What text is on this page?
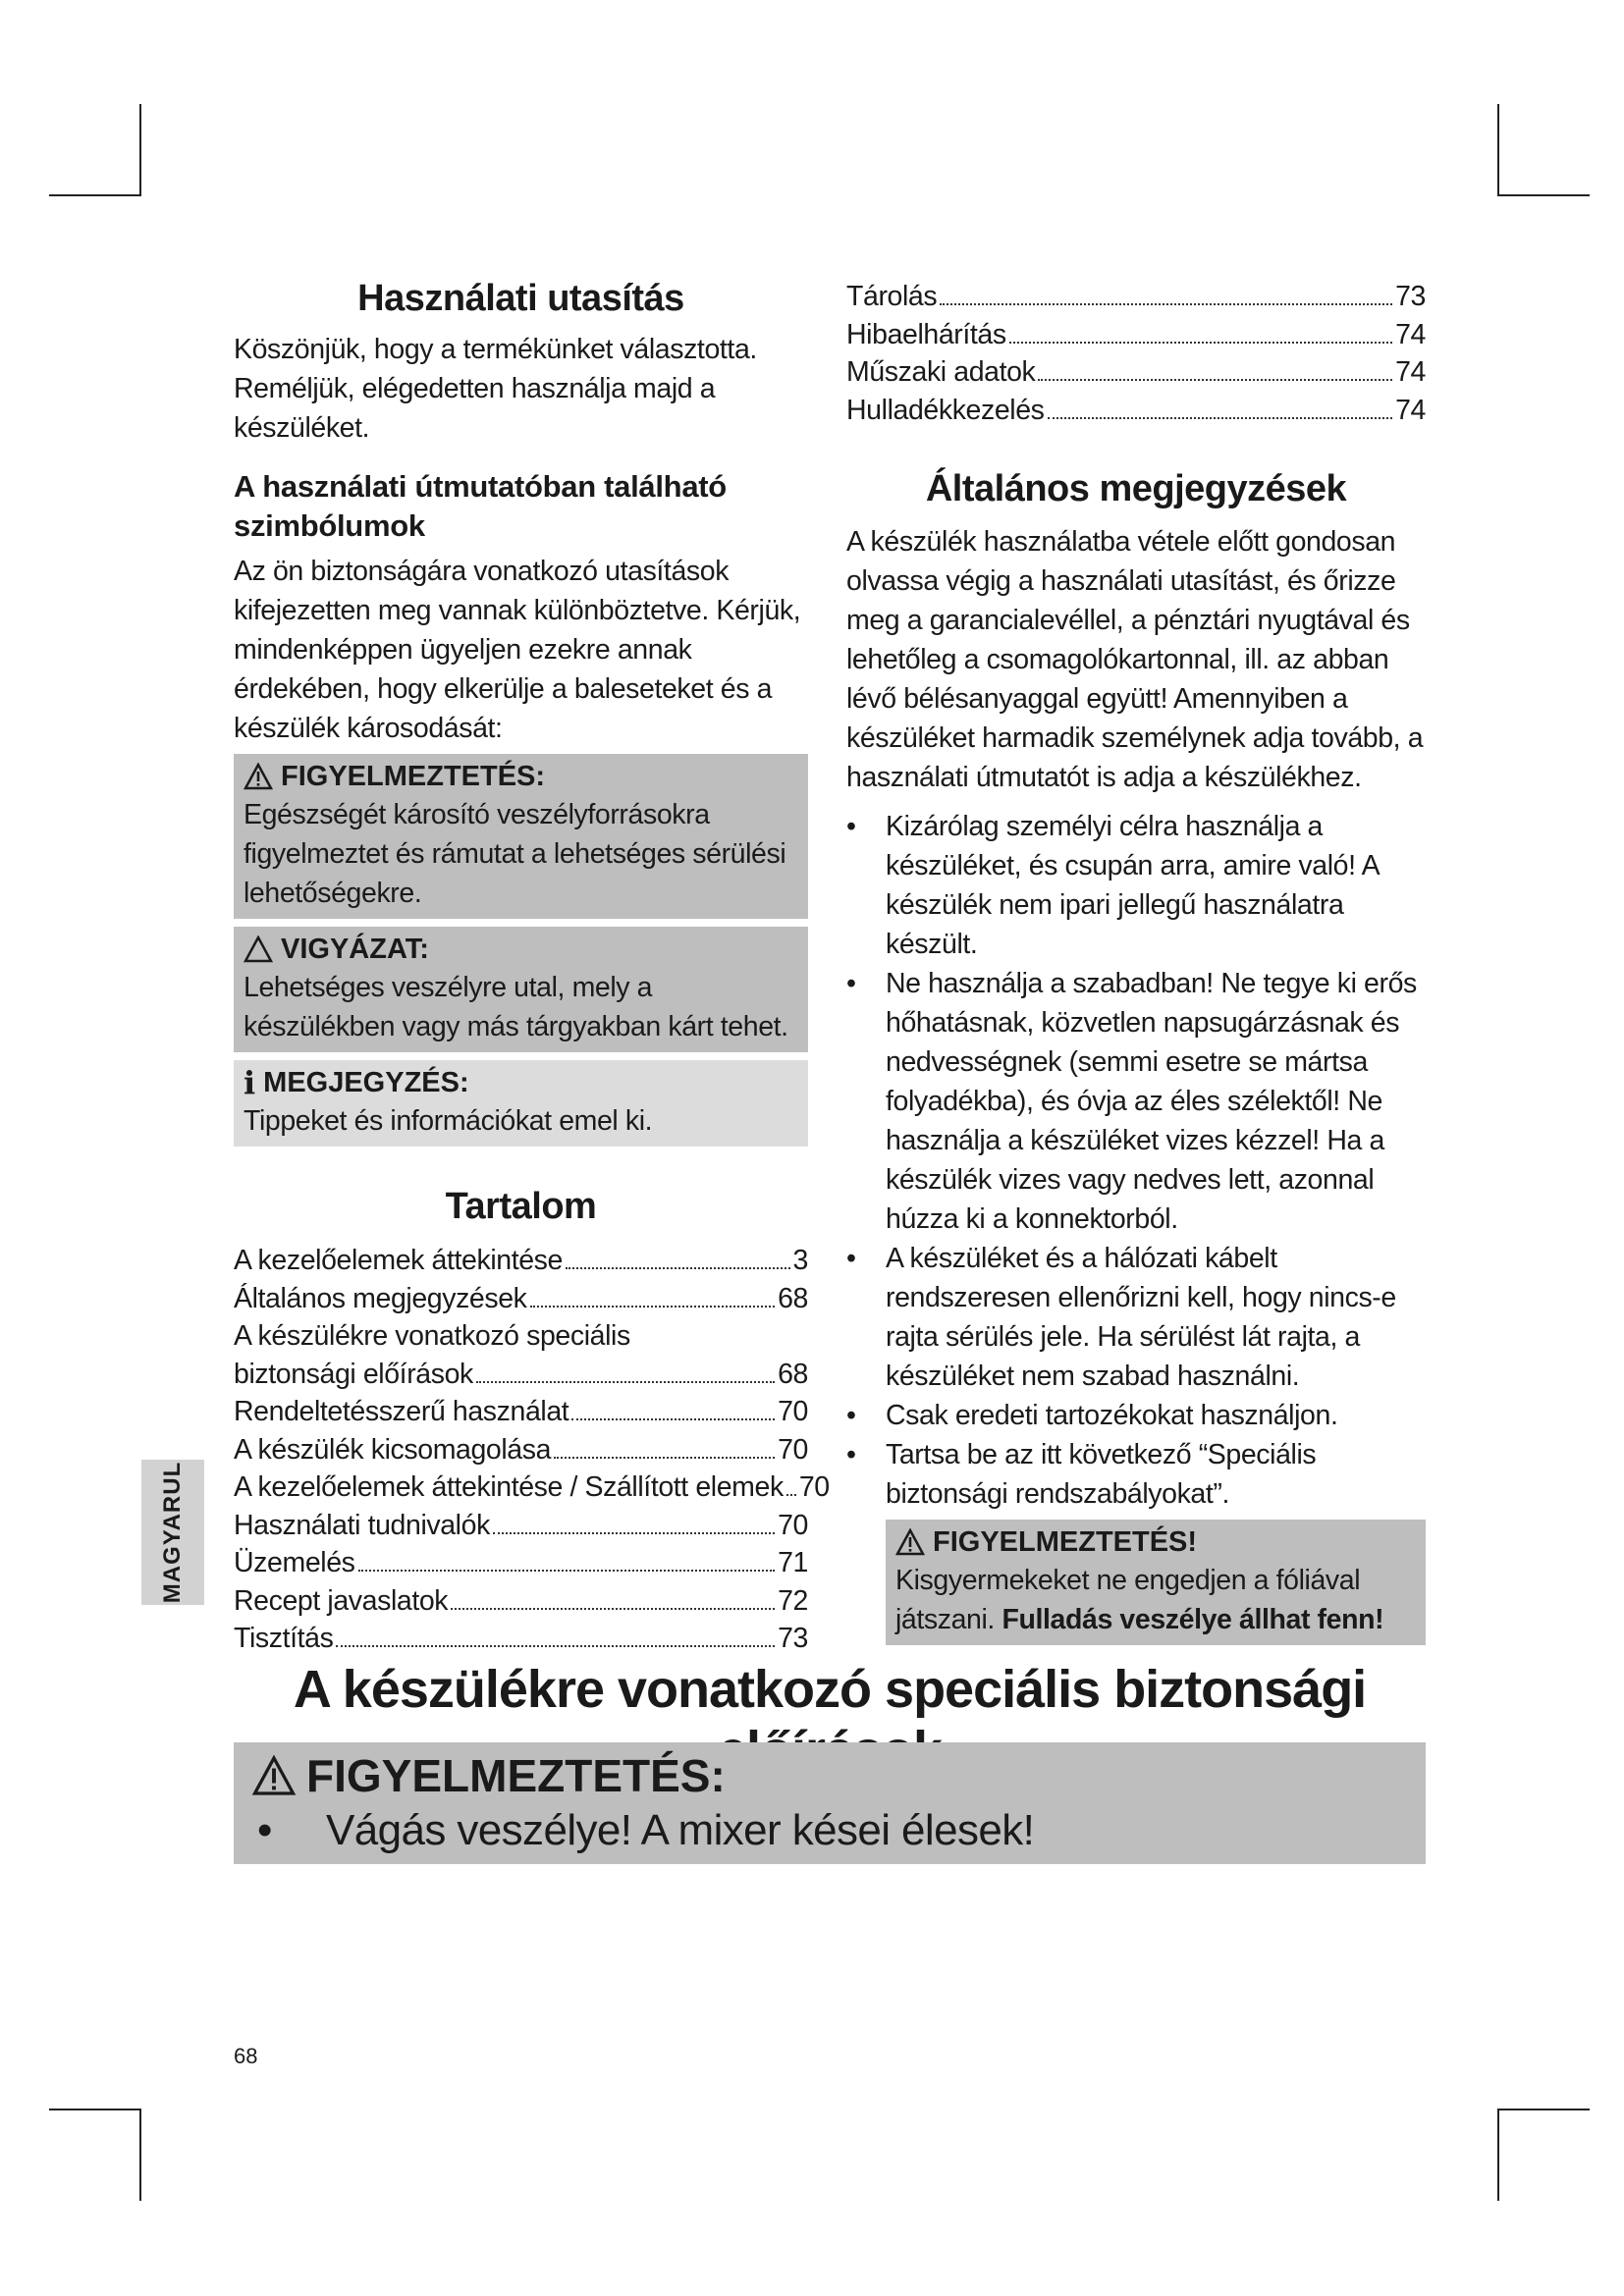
Használati utasítás

Köszönjük, hogy a termékünket választotta. Reméljük, elégedetten használja majd a készüléket.

A használati útmutatóban található szimbólumok

Az ön biztonságára vonatkozó utasítások kifejezetten meg vannak különböztetve. Kérjük, mindenképpen ügyeljen ezekre annak érdekében, hogy elkerülje a baleseteket és a készülék károsodását:

FIGYELMEZTETÉS:
Egészségét károsító veszélyforrásokra figyelmeztet és rámutat a lehetséges sérülési lehetőségekre.
VIGYÁZAT:
Lehetséges veszélyre utal, mely a készülékben vagy más tárgyakban kárt tehet.
i MEGJEGYZÉS:
Tippeket és információkat emel ki.
Tartalom
A kezelőelemek áttekintése	3
Általános megjegyzések	68
A készülékre vonatkozó speciális
biztonsági előírások	68
Rendeltetésszerű használat	70
A készülék kicsomagolása	70
A kezelőelemek áttekintése / Szállított elemek 70
Használati tudnivalók	70
Üzemelés	71
Recept javaslatok	72
Tisztítás	73
Tárolás	73
Hibaelhárítás	74
Műszaki adatok	74
Hulladékkezelés	74
Általános megjegyzések

A készülék használatba vétele előtt gondosan olvassa végig a használati utasítást, és őrizze meg a garancialevéllel, a pénztári nyugtával és lehetőleg a csomagolókartonnal, ill. az abban lévő bélésanyaggal együtt! Amennyiben a készüléket harmadik személynek adja tovább, a használati útmutatót is adja a készülékhez.

• Kizárólag személyi célra használja a készüléket, és csupán arra, amire való! A készülék nem ipari jellegű használatra készült.
• Ne használja a szabadban! Ne tegye ki erős hőhatásnak, közvetlen napsugárzásnak és nedvességnek (semmi esetre se mártsa folyadékba), és óvja az éles szélektől! Ne használja a készüléket vizes kézzel! Ha a készülék vizes vagy nedves lett, azonnal húzza ki a konnektorból.
• A készüléket és a hálózati kábelt rendszeresen ellenőrizni kell, hogy nincs-e rajta sérülés jele. Ha sérülést lát rajta, a készüléket nem szabad használni.
• Csak eredeti tartozékokat használjon.
• Tartsa be az itt következő “Speciális biztonsági rendszabályokat”.
FIGYELMEZTETÉS!
Kisgyermekeket ne engedjen a fóliával játszani. Fulladás veszélye állhat fenn!
MAGYARUL
A készülékre vonatkozó speciális biztonsági
FIGYELMEZTETÉS:
•	Vágás veszélye! A mixer kései élesek!
68
